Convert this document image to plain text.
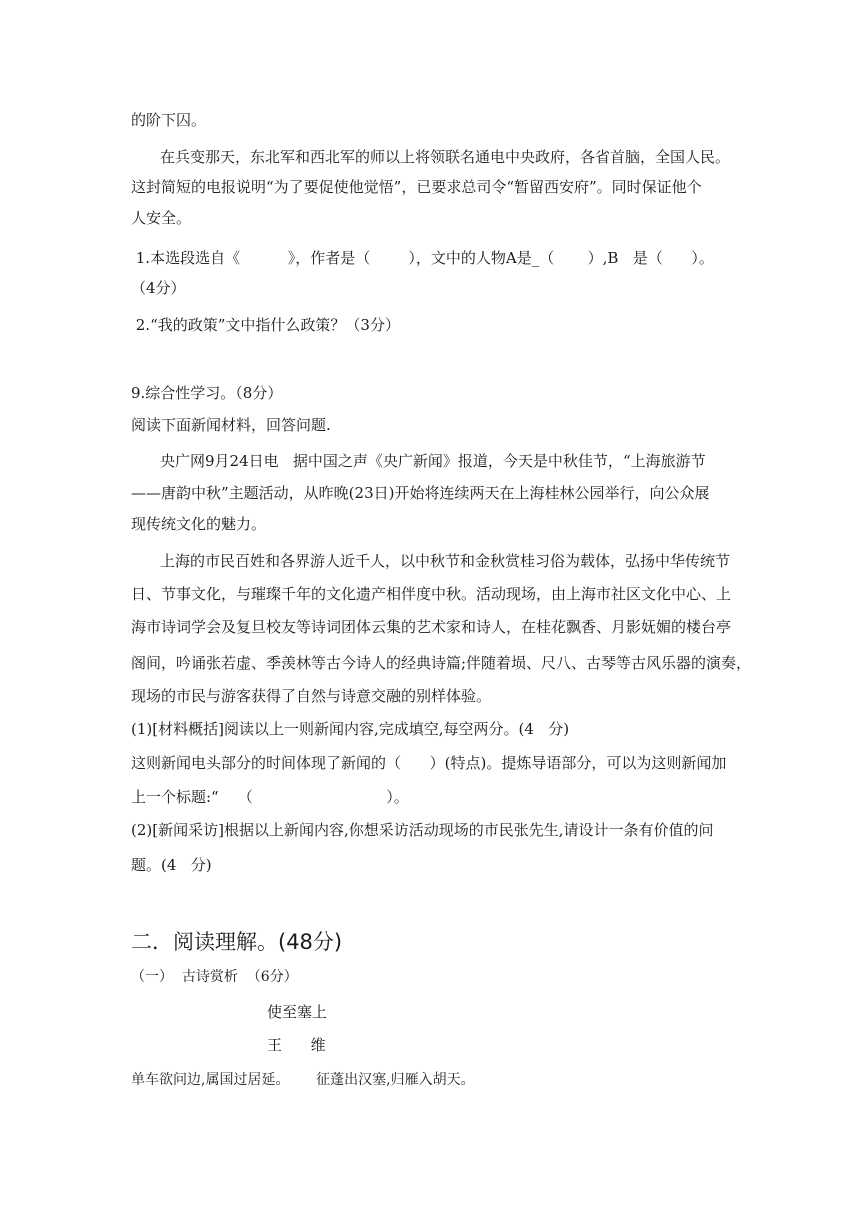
的阶下囚。
在兵变那天，东北军和西北军的师以上将领联名通电中央政府，各省首脑，全国人民。
这封简短的电报说明“为了要促使他觉悟”，已要求总司令“暂留西安府”。同时保证他个
人安全。
1.本选段选自《          》，作者是（        ），文中的人物A是_（       ）,B   是（      ）。
（4分）
2.“我的政策”文中指什么政策？（3分）
9.综合性学习。（8分）
阅读下面新闻材料，回答问题.
央广网9月24日电   据中国之声《央广新闻》报道，今天是中秋佳节，“上海旅游节
——唐韵中秋”主题活动，从昨晚(23日)开始将连续两天在上海桂林公园举行，向公众展
现传统文化的魅力。
上海的市民百姓和各界游人近千人，以中秋节和金秋赏桂习俗为载体，弘扬中华传统节
日、节事文化，与璀璨千年的文化遗产相伴度中秋。活动现场，由上海市社区文化中心、上
海市诗词学会及复旦校友等诗词团体云集的艺术家和诗人，在桂花飘香、月影妩媚的楼台亭
阁间，吟诵张若虚、季羡林等古今诗人的经典诗篇;伴随着埙、尺八、古琴等古风乐器的演奏，
现场的市民与游客获得了自然与诗意交融的别样体验。
(1)[材料概括]阅读以上一则新闻内容,完成填空,每空两分。(4   分)
这则新闻电头部分的时间体现了新闻的（      ）(特点)。提炼导语部分，可以为这则新闻加
上一个标题:“    （                            ）。
(2)[新闻采访]根据以上新闻内容,你想采访活动现场的市民张先生,请设计一条有价值的问
题。(4   分)
二．阅读理解。(48分)
（一）  古诗赏析  （6分）
使至塞上
王      维
单车欲问边,属国过居延。      征蓬出汉塞,归雁入胡天。
